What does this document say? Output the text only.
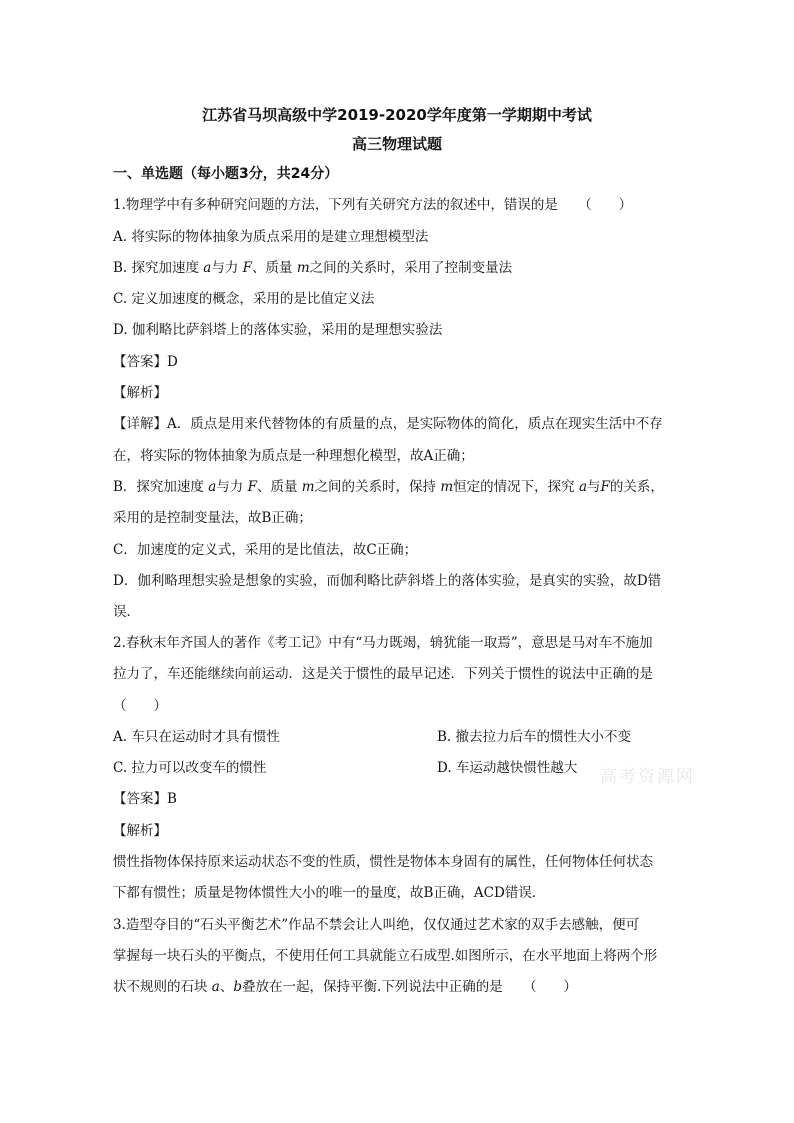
江苏省马坝高级中学2019-2020学年度第一学期期中考试
高三物理试题
一、单选题（每小题3分，共24分）
1.物理学中有多种研究问题的方法，下列有关研究方法的叙述中，错误的是　　（　　）
A. 将实际的物体抽象为质点采用的是建立理想模型法
B. 探究加速度 a与力 F、质量 m之间的关系时，采用了控制变量法
C. 定义加速度的概念，采用的是比值定义法
D. 伽利略比萨斜塔上的落体实验，采用的是理想实验法
【答案】D
【解析】
【详解】A．质点是用来代替物体的有质量的点，是实际物体的简化，质点在现实生活中不存
在，将实际的物体抽象为质点是一种理想化模型，故A正确；
B．探究加速度 a与力 F、质量 m之间的关系时，保持 m恒定的情况下，探究 a与F的关系，
采用的是控制变量法，故B正确；
C．加速度的定义式，采用的是比值法，故C正确；
D．伽利略理想实验是想象的实验，而伽利略比萨斜塔上的落体实验，是真实的实验，故D错
误．
2.春秋末年齐国人的著作《考工记》中有“马力既竭，辀犹能一取焉”，意思是马对车不施加
拉力了，车还能继续向前运动．这是关于惯性的最早记述．下列关于惯性的说法中正确的是
（　　）
A. 车只在运动时才具有惯性	B. 撤去拉力后车的惯性大小不变
C. 拉力可以改变车的惯性	D. 车运动越快惯性越大
【答案】B
【解析】
惯性指物体保持原来运动状态不变的性质，惯性是物体本身固有的属性，任何物体任何状态
下都有惯性；质量是物体惯性大小的唯一的量度，故B正确，ACD错误．
3.造型夺目的“石头平衡艺术”作品不禁会让人叫绝，仅仅通过艺术家的双手去感触，便可
掌握每一块石头的平衡点，不使用任何工具就能立石成型.如图所示，在水平地面上将两个形
状不规则的石块 a、b叠放在一起，保持平衡.下列说法中正确的是　　（　　）
高考资源网
